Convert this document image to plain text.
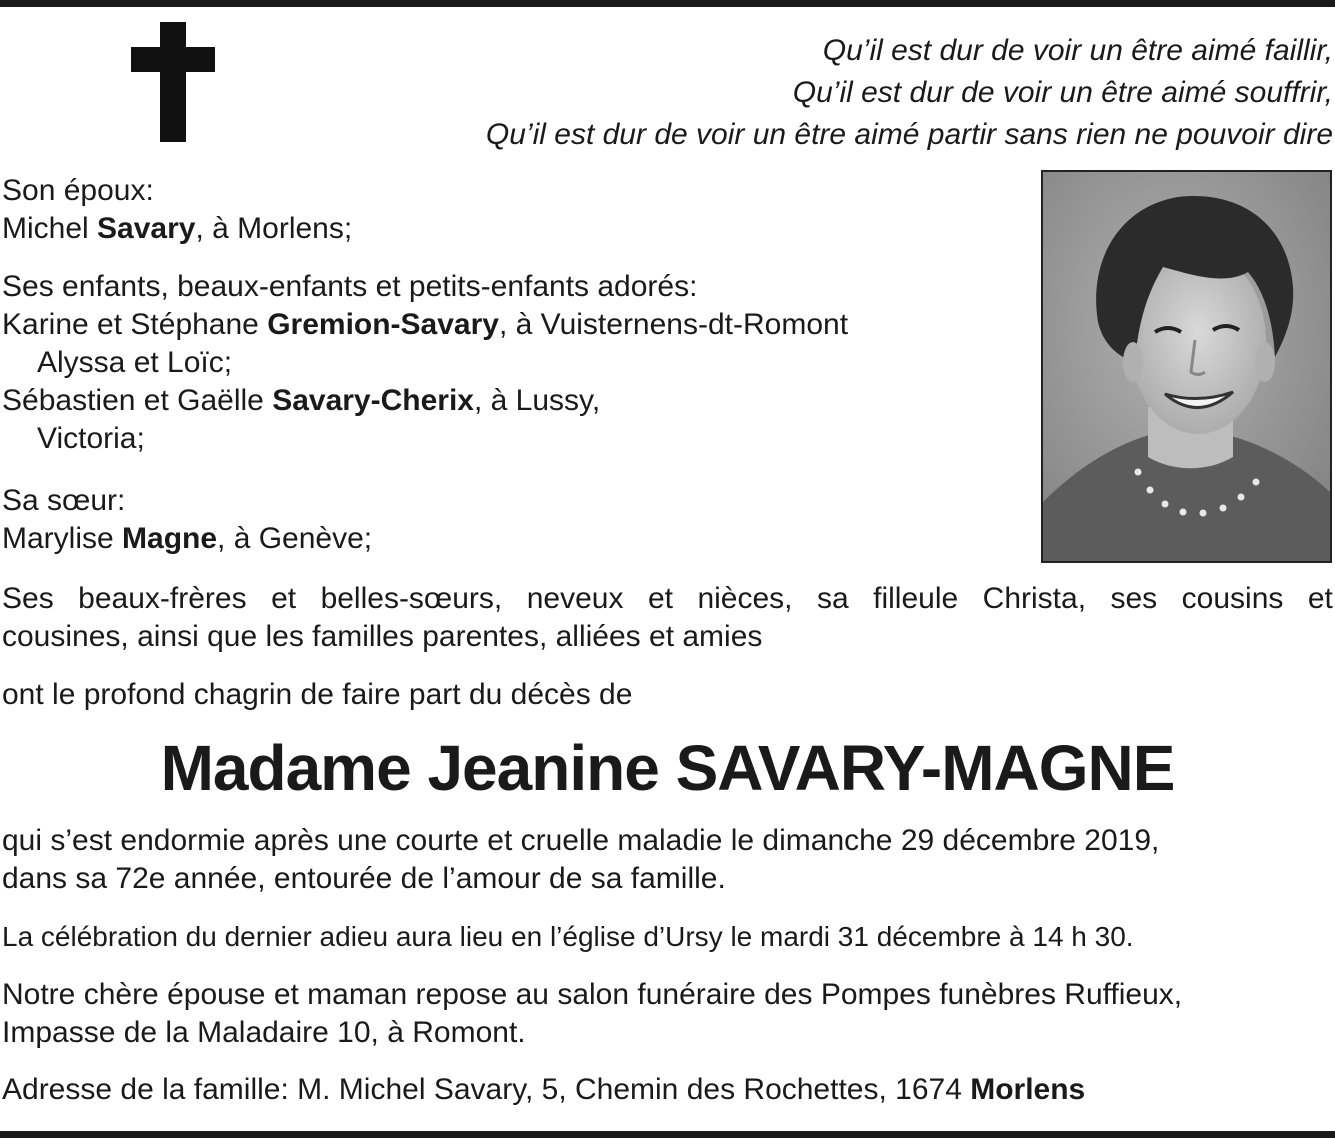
Qu’il est dur de voir un être aimé faillir,
Qu’il est dur de voir un être aimé souffrir,
Qu’il est dur de voir un être aimé partir sans rien ne pouvoir dire
Son époux:
Michel Savary, à Morlens;
Ses enfants, beaux-enfants et petits-enfants adorés:
Karine et Stéphane Gremion-Savary, à Vuisternens-dt-Romont
Alyssa et Loïc;
Sébastien et Gaëlle Savary-Cherix, à Lussy,
Victoria;
Sa sœur:
Marylise Magne, à Genève;
Ses beaux-frères et belles-sœurs, neveux et nièces, sa filleule Christa, ses cousins et
cousines, ainsi que les familles parentes, alliées et amies
ont le profond chagrin de faire part du décès de
Madame Jeanine SAVARY-MAGNE
qui s’est endormie après une courte et cruelle maladie le dimanche 29 décembre 2019,
dans sa 72e année, entourée de l’amour de sa famille.
La célébration du dernier adieu aura lieu en l’église d’Ursy le mardi 31 décembre à 14 h 30.
Notre chère épouse et maman repose au salon funéraire des Pompes funèbres Ruffieux,
Impasse de la Maladaire 10, à Romont.
Adresse de la famille: M. Michel Savary, 5, Chemin des Rochettes, 1674 Morlens
